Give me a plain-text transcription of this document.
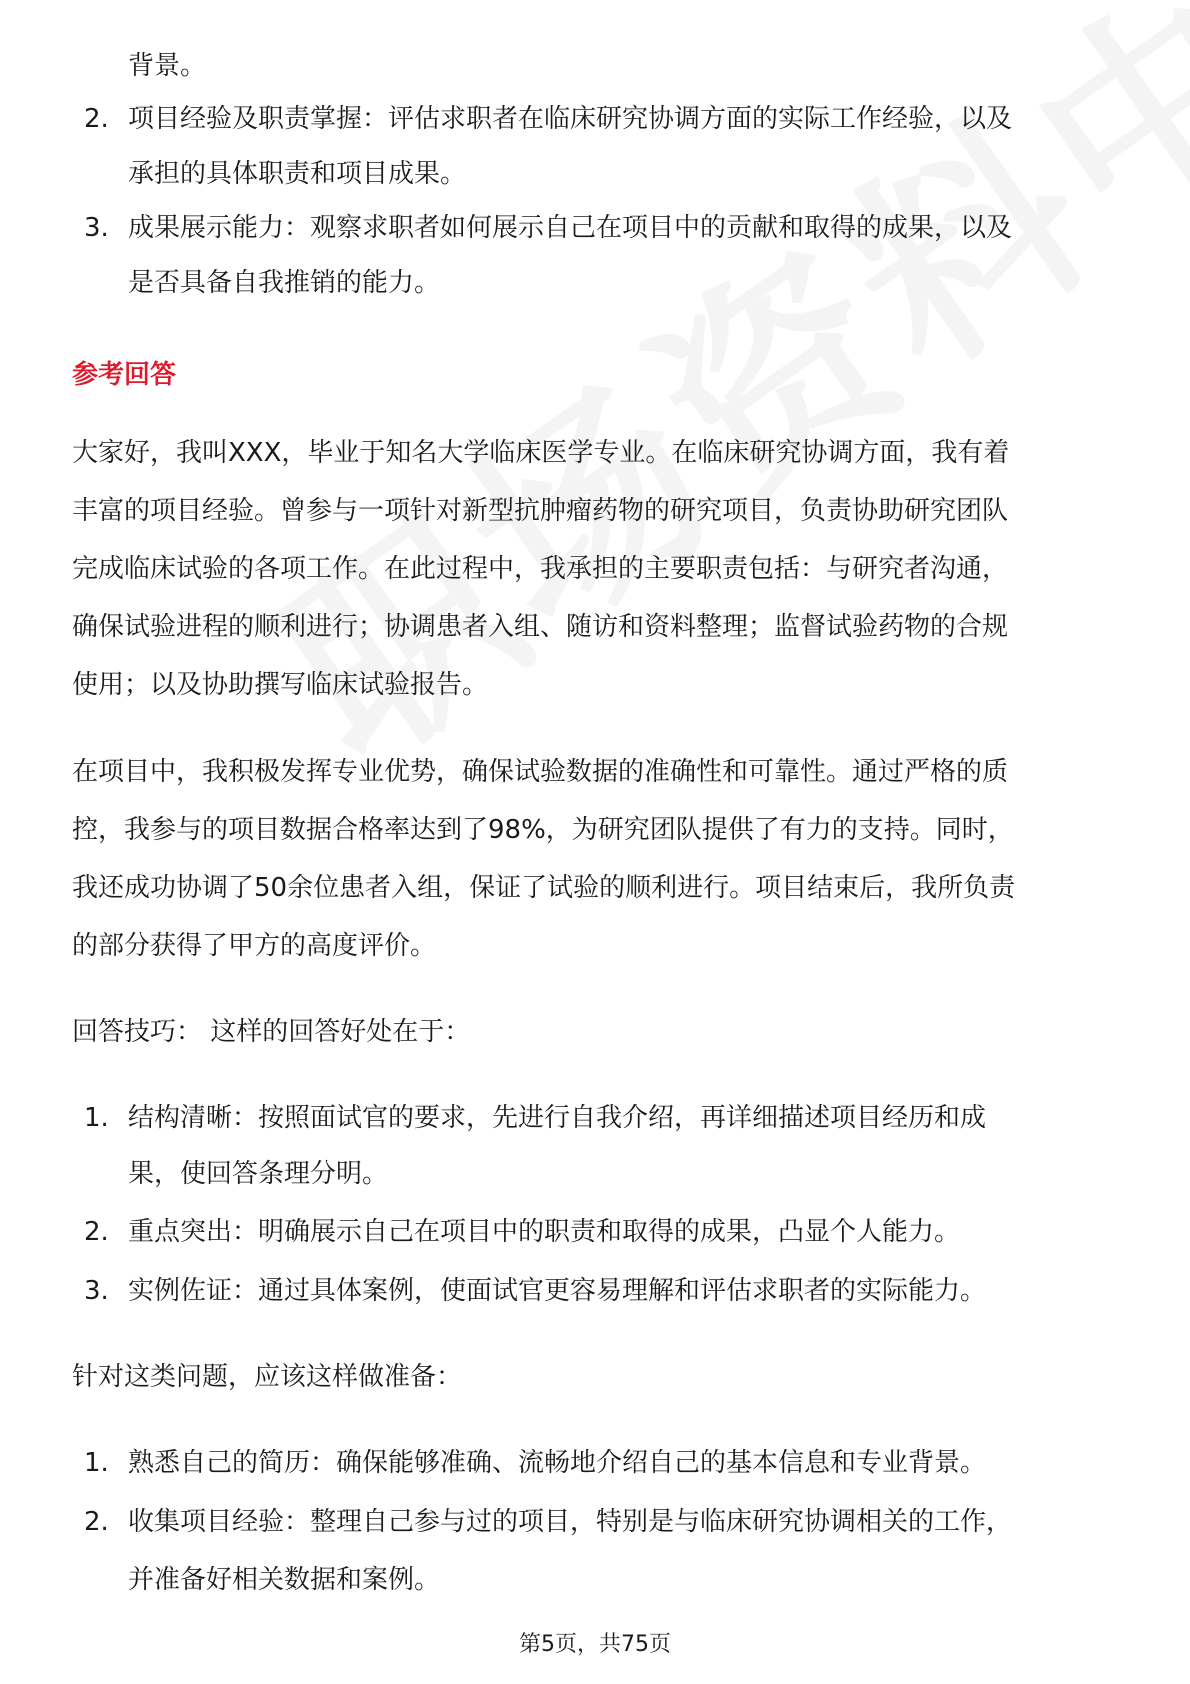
背景。
2. 项目经验及职责掌握：评估求职者在临床研究协调方面的实际工作经验，以及
承担的具体职责和项目成果。
3. 成果展示能力：观察求职者如何展示自己在项目中的贡献和取得的成果，以及
是否具备自我推销的能力。
参考回答
大家好，我叫XXX，毕业于知名大学临床医学专业。在临床研究协调方面，我有着
丰富的项目经验。曾参与一项针对新型抗肿瘤药物的研究项目，负责协助研究团队
完成临床试验的各项工作。在此过程中，我承担的主要职责包括：与研究者沟通，
确保试验进程的顺利进行；协调患者入组、随访和资料整理；监督试验药物的合规
使用；以及协助撰写临床试验报告。
在项目中，我积极发挥专业优势，确保试验数据的准确性和可靠性。通过严格的质
控，我参与的项目数据合格率达到了98%，为研究团队提供了有力的支持。同时，
我还成功协调了50余位患者入组，保证了试验的顺利进行。项目结束后，我所负责
的部分获得了甲方的高度评价。
回答技巧： 这样的回答好处在于：
1. 结构清晰：按照面试官的要求，先进行自我介绍，再详细描述项目经历和成
果，使回答条理分明。
2. 重点突出：明确展示自己在项目中的职责和取得的成果，凸显个人能力。
3. 实例佐证：通过具体案例，使面试官更容易理解和评估求职者的实际能力。
针对这类问题，应该这样做准备：
1. 熟悉自己的简历：确保能够准确、流畅地介绍自己的基本信息和专业背景。
2. 收集项目经验：整理自己参与过的项目，特别是与临床研究协调相关的工作，
并准备好相关数据和案例。
第5页，共75页
